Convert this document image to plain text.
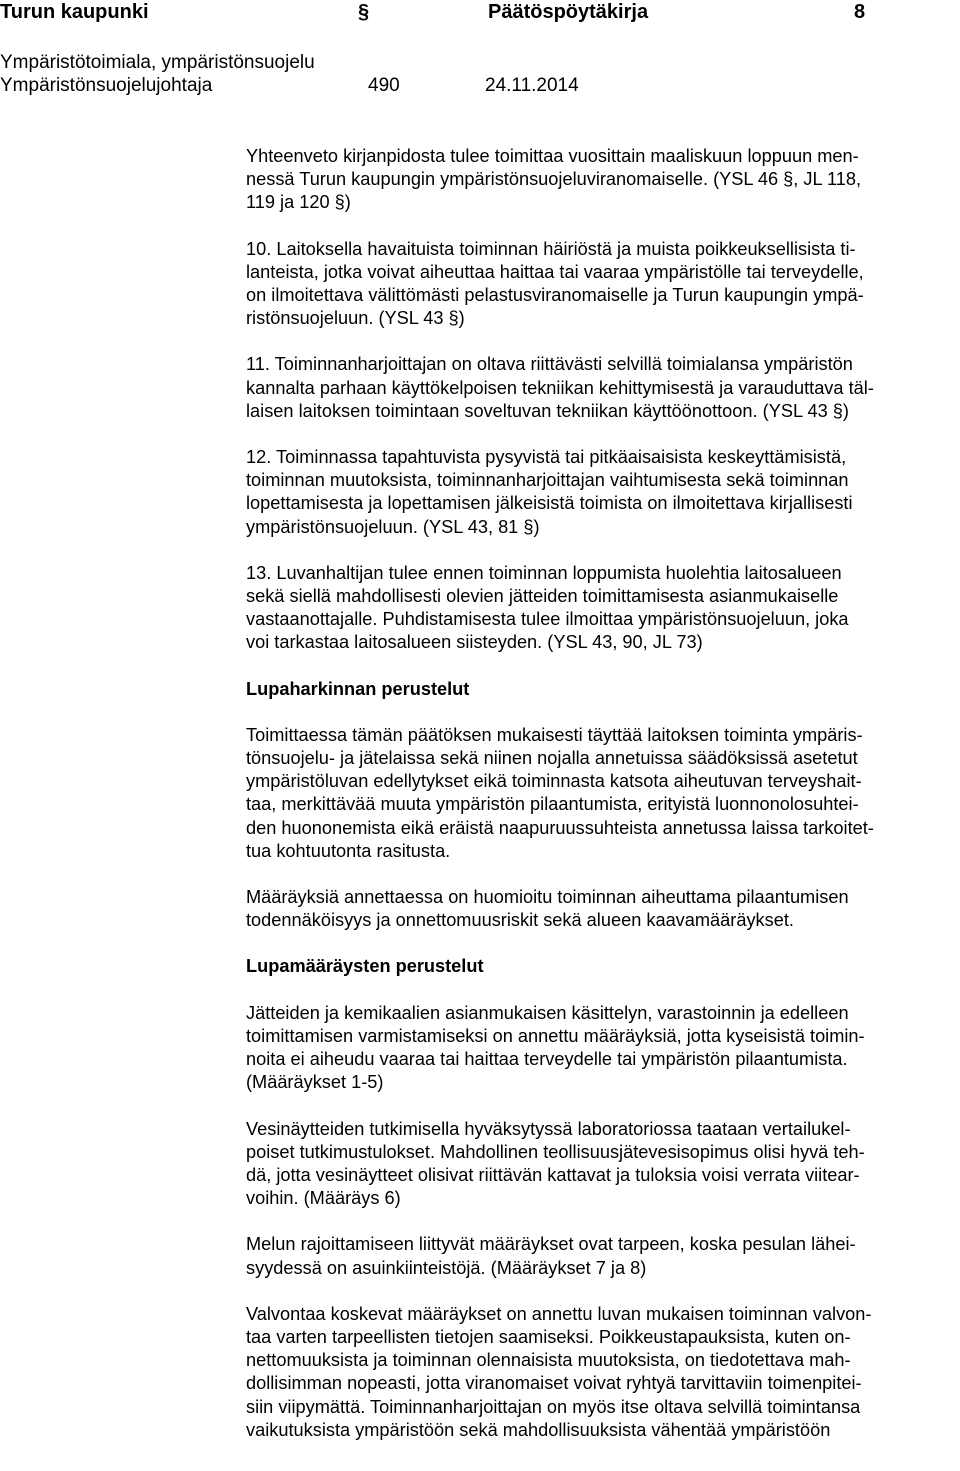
Turun kaupunki	§	Päätöspöytäkirja	8
Ympäristötoimiala, ympäristönsuojelu
Ympäristönsuojelujohtaja	490	24.11.2014

Yhteenveto kirjanpidosta tulee toimittaa vuosittain maaliskuun loppuun men-
nessä Turun kaupungin ympäristönsuojeluviranomaiselle. (YSL 46 §, JL 118,
119 ja 120 §)

10. Laitoksella havaituista toiminnan häiriöstä ja muista poikkeuksellisista ti-
lanteista, jotka voivat aiheuttaa haittaa tai vaaraa ympäristölle tai terveydelle,
on ilmoitettava välittömästi pelastusviranomaiselle ja Turun kaupungin ympä-
ristönsuojeluun. (YSL 43 §)

11. Toiminnanharjoittajan on oltava riittävästi selvillä toimialansa ympäristön
kannalta parhaan käyttökelpoisen tekniikan kehittymisestä ja varauduttava täl-
laisen laitoksen toimintaan soveltuvan tekniikan käyttöönottoon. (YSL 43 §)

12. Toiminnassa tapahtuvista pysyvistä tai pitkäaisaisista keskeyttämisistä,
toiminnan muutoksista, toiminnanharjoittajan vaihtumisesta sekä toiminnan
lopettamisesta ja lopettamisen jälkeisistä toimista on ilmoitettava kirjallisesti
ympäristönsuojeluun. (YSL 43, 81 §)

13. Luvanhaltijan tulee ennen toiminnan loppumista huolehtia laitosalueen
sekä siellä mahdollisesti olevien jätteiden toimittamisesta asianmukaiselle
vastaanottajalle. Puhdistamisesta tulee ilmoittaa ympäristönsuojeluun, joka
voi tarkastaa laitosalueen siisteyden. (YSL 43, 90, JL 73)

Lupaharkinnan perustelut

Toimittaessa tämän päätöksen mukaisesti täyttää laitoksen toiminta ympäris-
tönsuojelu- ja jätelaissa sekä niinen nojalla annetuissa säädöksissä asetetut
ympäristöluvan edellytykset eikä toiminnasta katsota aiheutuvan terveyshait-
taa, merkittävää muuta ympäristön pilaantumista, erityistä luonnonolosuhtei-
den huononemista eikä eräistä naapuruussuhteista annetussa laissa tarkoitet-
tua kohtuutonta rasitusta.

Määräyksiä annettaessa on huomioitu toiminnan aiheuttama pilaantumisen
todennäköisyys ja onnettomuusriskit sekä alueen kaavamääräykset.

Lupamääräysten perustelut

Jätteiden ja kemikaalien asianmukaisen käsittelyn, varastoinnin ja edelleen
toimittamisen varmistamiseksi on annettu määräyksiä, jotta kyseisistä toimin-
noita ei aiheudu vaaraa tai haittaa terveydelle tai ympäristön pilaantumista.
(Määräykset 1-5)

Vesinäytteiden tutkimisella hyväksytyssä laboratoriossa taataan vertailukel-
poiset tutkimustulokset. Mahdollinen teollisuusjätevesisopimus olisi hyvä teh-
dä, jotta vesinäytteet olisivat riittävän kattavat ja tuloksia voisi verrata viitear-
voihin. (Määräys 6)

Melun rajoittamiseen liittyvät määräykset ovat tarpeen, koska pesulan lähei-
syydessä on asuinkiinteistöjä. (Määräykset 7 ja 8)

Valvontaa koskevat määräykset on annettu luvan mukaisen toiminnan valvon-
taa varten tarpeellisten tietojen saamiseksi. Poikkeustapauksista, kuten on-
nettomuuksista ja toiminnan olennaisista muutoksista, on tiedotettava mah-
dollisimman nopeasti, jotta viranomaiset voivat ryhtyä tarvittaviin toimenpitei-
siin viipymättä. Toiminnanharjoittajan on myös itse oltava selvillä toimintansa
vaikutuksista ympäristöön sekä mahdollisuuksista vähentää ympäristöön
